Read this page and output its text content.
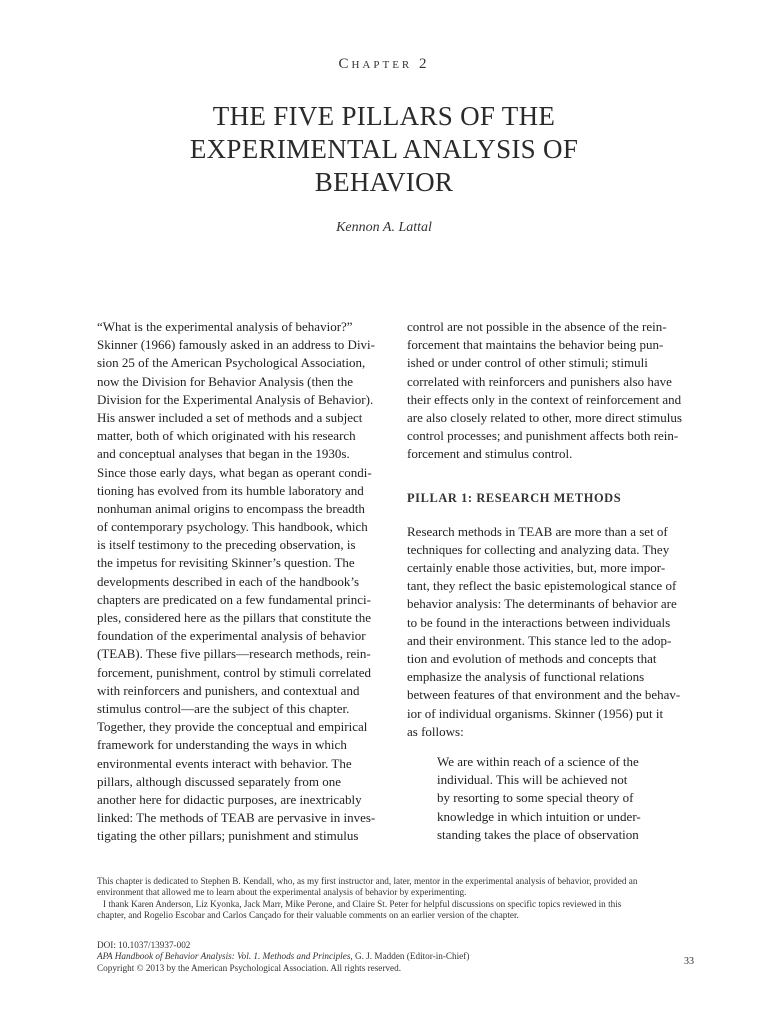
Chapter 2
THE FIVE PILLARS OF THE
EXPERIMENTAL ANALYSIS OF
BEHAVIOR
Kennon A. Lattal
“What is the experimental analysis of behavior?”
Skinner (1966) famously asked in an address to Divi-
sion 25 of the American Psychological Association,
now the Division for Behavior Analysis (then the
Division for the Experimental Analysis of Behavior).
His answer included a set of methods and a subject
matter, both of which originated with his research
and conceptual analyses that began in the 1930s.
Since those early days, what began as operant condi-
tioning has evolved from its humble laboratory and
nonhuman animal origins to encompass the breadth
of contemporary psychology. This handbook, which
is itself testimony to the preceding observation, is
the impetus for revisiting Skinner’s question. The
developments described in each of the handbook’s
chapters are predicated on a few fundamental princi-
ples, considered here as the pillars that constitute the
foundation of the experimental analysis of behavior
(TEAB). These five pillars—research methods, rein-
forcement, punishment, control by stimuli correlated
with reinforcers and punishers, and contextual and
stimulus control—are the subject of this chapter.
Together, they provide the conceptual and empirical
framework for understanding the ways in which
environmental events interact with behavior. The
pillars, although discussed separately from one
another here for didactic purposes, are inextricably
linked: The methods of TEAB are pervasive in inves-
tigating the other pillars; punishment and stimulus
control are not possible in the absence of the rein-
forcement that maintains the behavior being pun-
ished or under control of other stimuli; stimuli
correlated with reinforcers and punishers also have
their effects only in the context of reinforcement and
are also closely related to other, more direct stimulus
control processes; and punishment affects both rein-
forcement and stimulus control.
PILLAR 1: RESEARCH METHODS
Research methods in TEAB are more than a set of
techniques for collecting and analyzing data. They
certainly enable those activities, but, more impor-
tant, they reflect the basic epistemological stance of
behavior analysis: The determinants of behavior are
to be found in the interactions between individuals
and their environment. This stance led to the adop-
tion and evolution of methods and concepts that
emphasize the analysis of functional relations
between features of that environment and the behav-
ior of individual organisms. Skinner (1956) put it
as follows:
We are within reach of a science of the
individual. This will be achieved not
by resorting to some special theory of
knowledge in which intuition or under-
standing takes the place of observation
This chapter is dedicated to Stephen B. Kendall, who, as my first instructor and, later, mentor in the experimental analysis of behavior, provided an
environment that allowed me to learn about the experimental analysis of behavior by experimenting.
I thank Karen Anderson, Liz Kyonka, Jack Marr, Mike Perone, and Claire St. Peter for helpful discussions on specific topics reviewed in this
chapter, and Rogelio Escobar and Carlos Cançado for their valuable comments on an earlier version of the chapter.
DOI: 10.1037/13937-002
APA Handbook of Behavior Analysis: Vol. 1. Methods and Principles, G. J. Madden (Editor-in-Chief)
Copyright © 2013 by the American Psychological Association. All rights reserved.
33
